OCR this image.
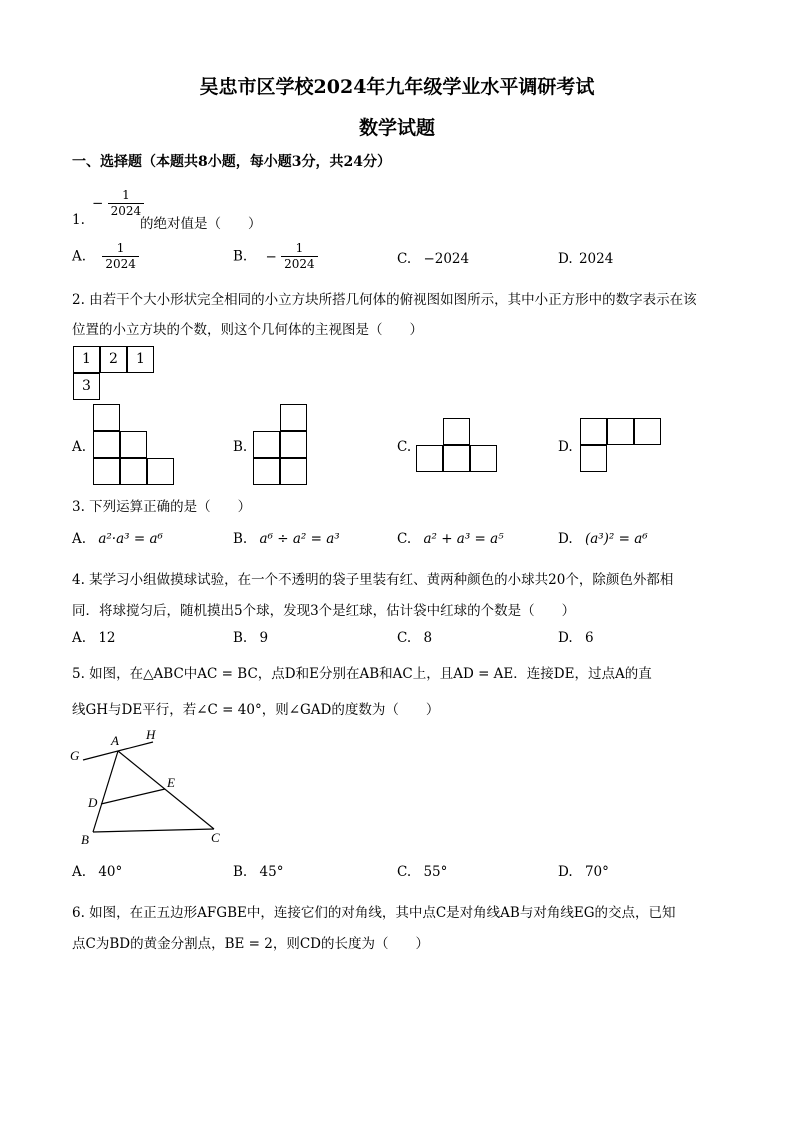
吴忠市区学校2024年九年级学业水平调研考试
数学试题
一、选择题（本题共8小题，每小题3分，共24分）
1.
− $\frac{1}{2024}$
的绝对值是（　　）
A. $\frac{1}{2024}$	B. − $\frac{1}{2024}$	C. −2024	D. 2024
2. 由若干个大小形状完全相同的小立方块所搭几何体的俯视图如图所示，其中小正方形中的数字表示在该
位置的小立方块的个数，则这个几何体的主视图是（　　）
1	2	1
3
A.	B.	C.	D.
3. 下列运算正确的是（　　）
A. a²·a³ = a⁶	B. a⁶ ÷ a² = a³	C. a² + a³ = a⁵	D. (a³)² = a⁶
4. 某学习小组做摸球试验，在一个不透明的袋子里装有红、黄两种颜色的小球共20个，除颜色外都相
同．将球搅匀后，随机摸出5个球，发现3个是红球，估计袋中红球的个数是（　　）
A. 12	B. 9	C. 8	D. 6
5. 如图，在△ABC中AC = BC，点D和E分别在AB和AC上，且AD = AE．连接DE，过点A的直
线GH与DE平行，若∠C = 40°，则∠GAD的度数为（　　）
G
A H
E
D
B	C
A. 40°	B. 45°	C. 55°	D. 70°
6. 如图，在正五边形AFGBE中，连接它们的对角线，其中点C是对角线AB与对角线EG的交点，已知
点C为BD的黄金分割点，BE = 2，则CD的长度为（　　）
